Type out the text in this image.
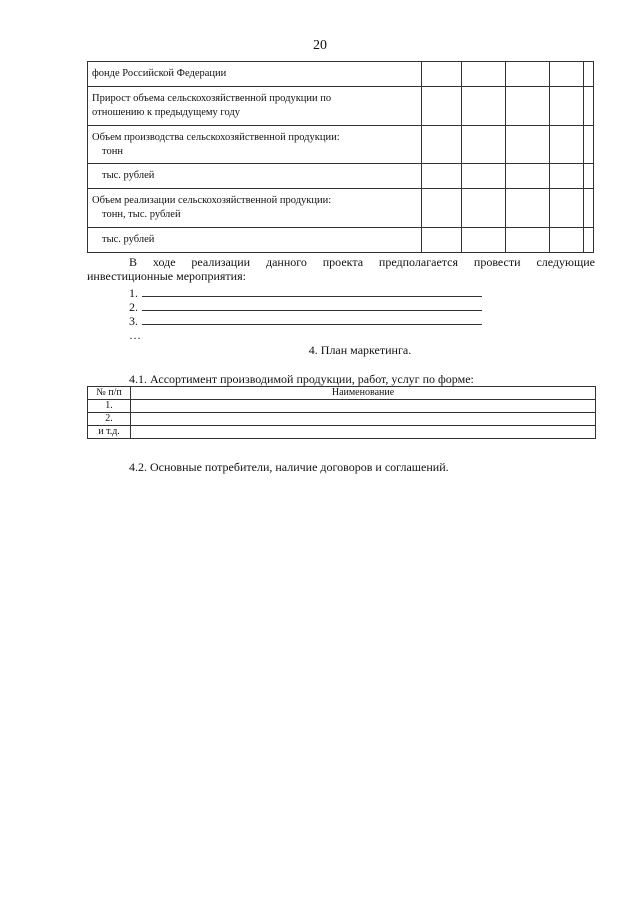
20
фонде Российской Федерации					

Прирост объема сельскохозяйственной продукции по
отношению к предыдущему году					

Объем производства сельскохозяйственной продукции:
тонн					

тыс. рублей					

Объем реализации сельскохозяйственной продукции:
тонн, тыс. рублей					

тыс. рублей					

В ходе реализации данного проекта предполагается провести следующие
инвестиционные мероприятия:
1.
2.
3.
…
4. План маркетинга.
4.1. Ассортимент производимой продукции, работ, услуг по форме:
№ п/п	Наименование
1.	
2.	
и т.д.	
4.2. Основные потребители, наличие договоров и соглашений.
